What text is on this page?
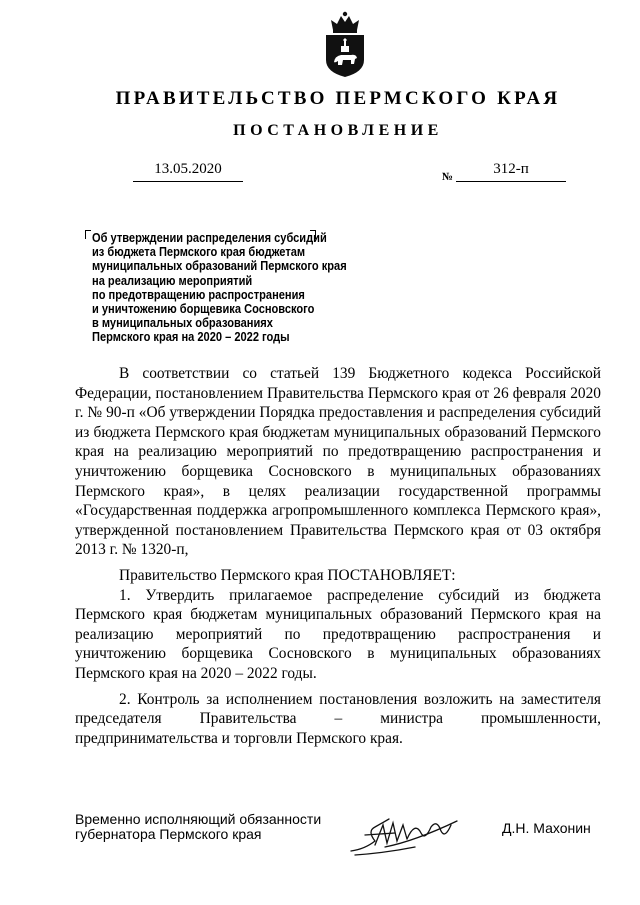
ПРАВИТЕЛЬСТВО ПЕРМСКОГО КРАЯ
ПОСТАНОВЛЕНИЕ
13.05.2020	№	312-п
Об утверждении распределения субсидий
из бюджета Пермского края бюджетам
муниципальных образований Пермского края
на реализацию мероприятий
по предотвращению распространения
и уничтожению борщевика Сосновского
в муниципальных образованиях
Пермского края на 2020 – 2022 годы

В соответствии со статьей 139 Бюджетного кодекса Российской Федерации, постановлением Правительства Пермского края от 26 февраля 2020 г. № 90-п «Об утверждении Порядка предоставления и распределения субсидий из бюджета Пермского края бюджетам муниципальных образований Пермского края на реализацию мероприятий по предотвращению распространения и уничтожению борщевика Сосновского в муниципальных образованиях Пермского края», в целях реализации государственной программы «Государственная поддержка агропромышленного комплекса Пермского края», утвержденной постановлением Правительства Пермского края от 03 октября 2013 г. № 1320-п,

Правительство Пермского края ПОСТАНОВЛЯЕТ:

1. Утвердить прилагаемое распределение субсидий из бюджета Пермского края бюджетам муниципальных образований Пермского края на реализацию мероприятий по предотвращению распространения и уничтожению борщевика Сосновского в муниципальных образованиях Пермского края на 2020 – 2022 годы.

2. Контроль за исполнением постановления возложить на заместителя председателя Правительства – министра промышленности, предпринимательства и торговли Пермского края.

Временно исполняющий обязанности
губернатора Пермского края	Д.Н. Махонин
